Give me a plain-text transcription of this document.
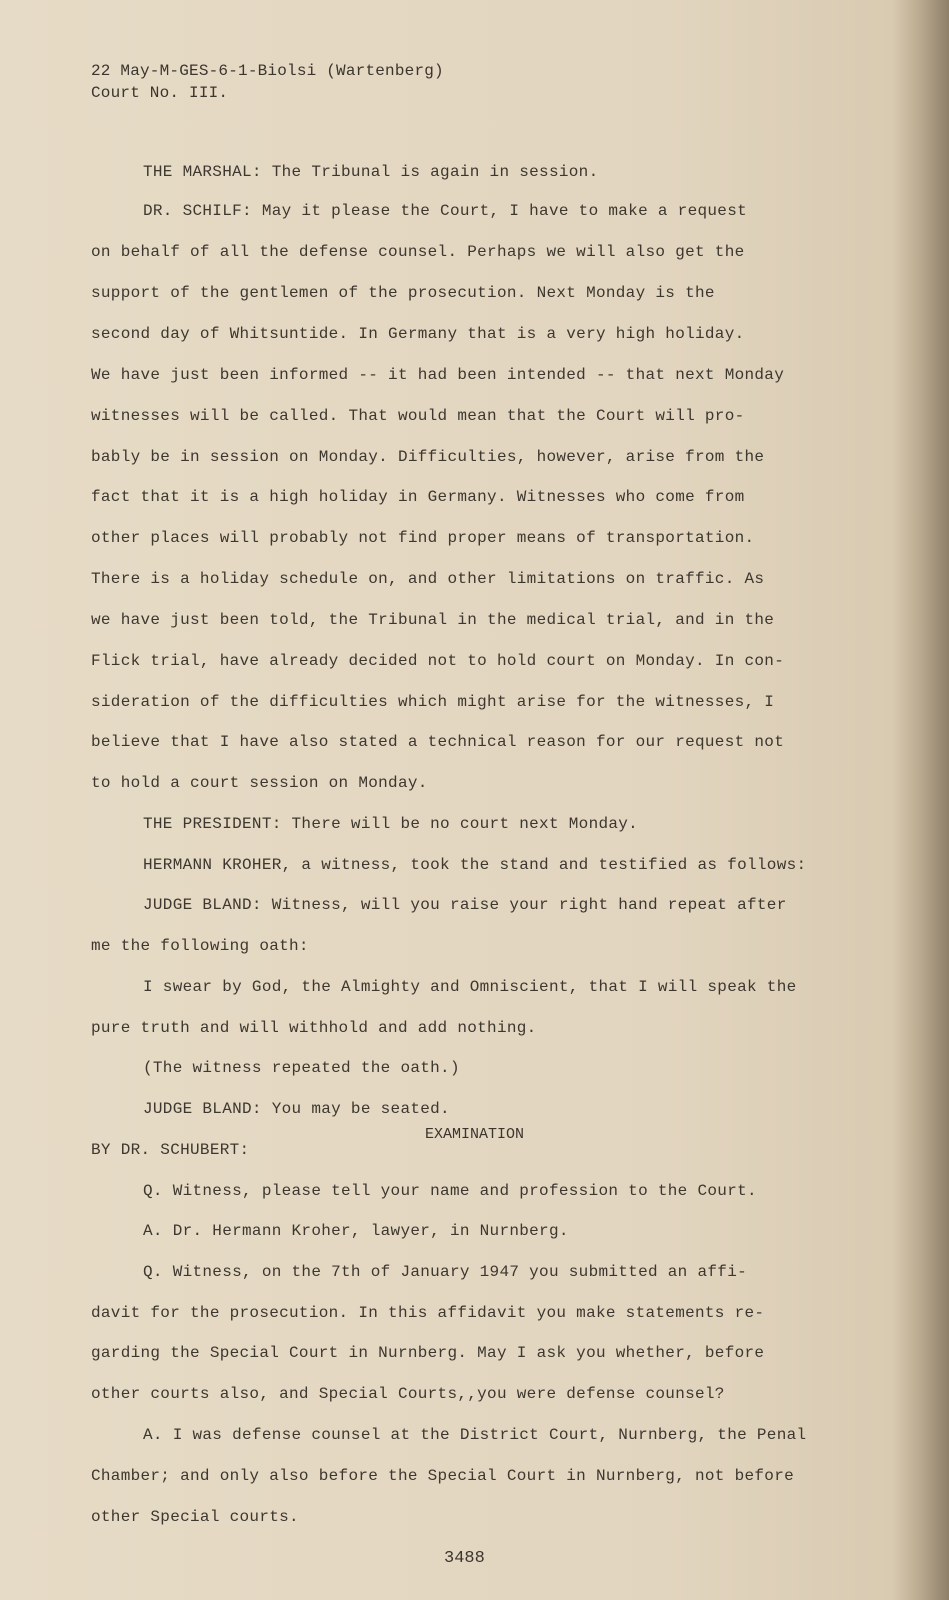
22 May-M-GES-6-1-Biolsi (Wartenberg)
Court No. III.
THE MARSHAL: The Tribunal is again in session.
DR. SCHILF: May it please the Court, I have to make a request
on behalf of all the defense counsel. Perhaps we will also get the
support of the gentlemen of the prosecution. Next Monday is the
second day of Whitsuntide. In Germany that is a very high holiday.
We have just been informed -- it had been intended -- that next Monday
witnesses will be called. That would mean that the Court will pro-
bably be in session on Monday. Difficulties, however, arise from the
fact that it is a high holiday in Germany. Witnesses who come from
other places will probably not find proper means of transportation.
There is a holiday schedule on, and other limitations on traffic. As
we have just been told, the Tribunal in the medical trial, and in the
Flick trial, have already decided not to hold court on Monday. In con-
sideration of the difficulties which might arise for the witnesses, I
believe that I have also stated a technical reason for our request not
to hold a court session on Monday.
THE PRESIDENT: There will be no court next Monday.
HERMANN KROHER, a witness, took the stand and testified as follows:
JUDGE BLAND: Witness, will you raise your right hand repeat after
me the following oath:
I swear by God, the Almighty and Omniscient, that I will speak the
pure truth and will withhold and add nothing.
(The witness repeated the oath.)
JUDGE BLAND: You may be seated.
BY DR. SCHUBERT:
Q. Witness, please tell your name and profession to the Court.
A. Dr. Hermann Kroher, lawyer, in Nurnberg.
Q. Witness, on the 7th of January 1947 you submitted an affi-
davit for the prosecution. In this affidavit you make statements re-
garding the Special Court in Nurnberg. May I ask you whether, before
other courts also, and Special Courts,,you were defense counsel?
A. I was defense counsel at the District Court, Nurnberg, the Penal
Chamber; and only also before the Special Court in Nurnberg, not before
other Special courts.
EXAMINATION
3488
